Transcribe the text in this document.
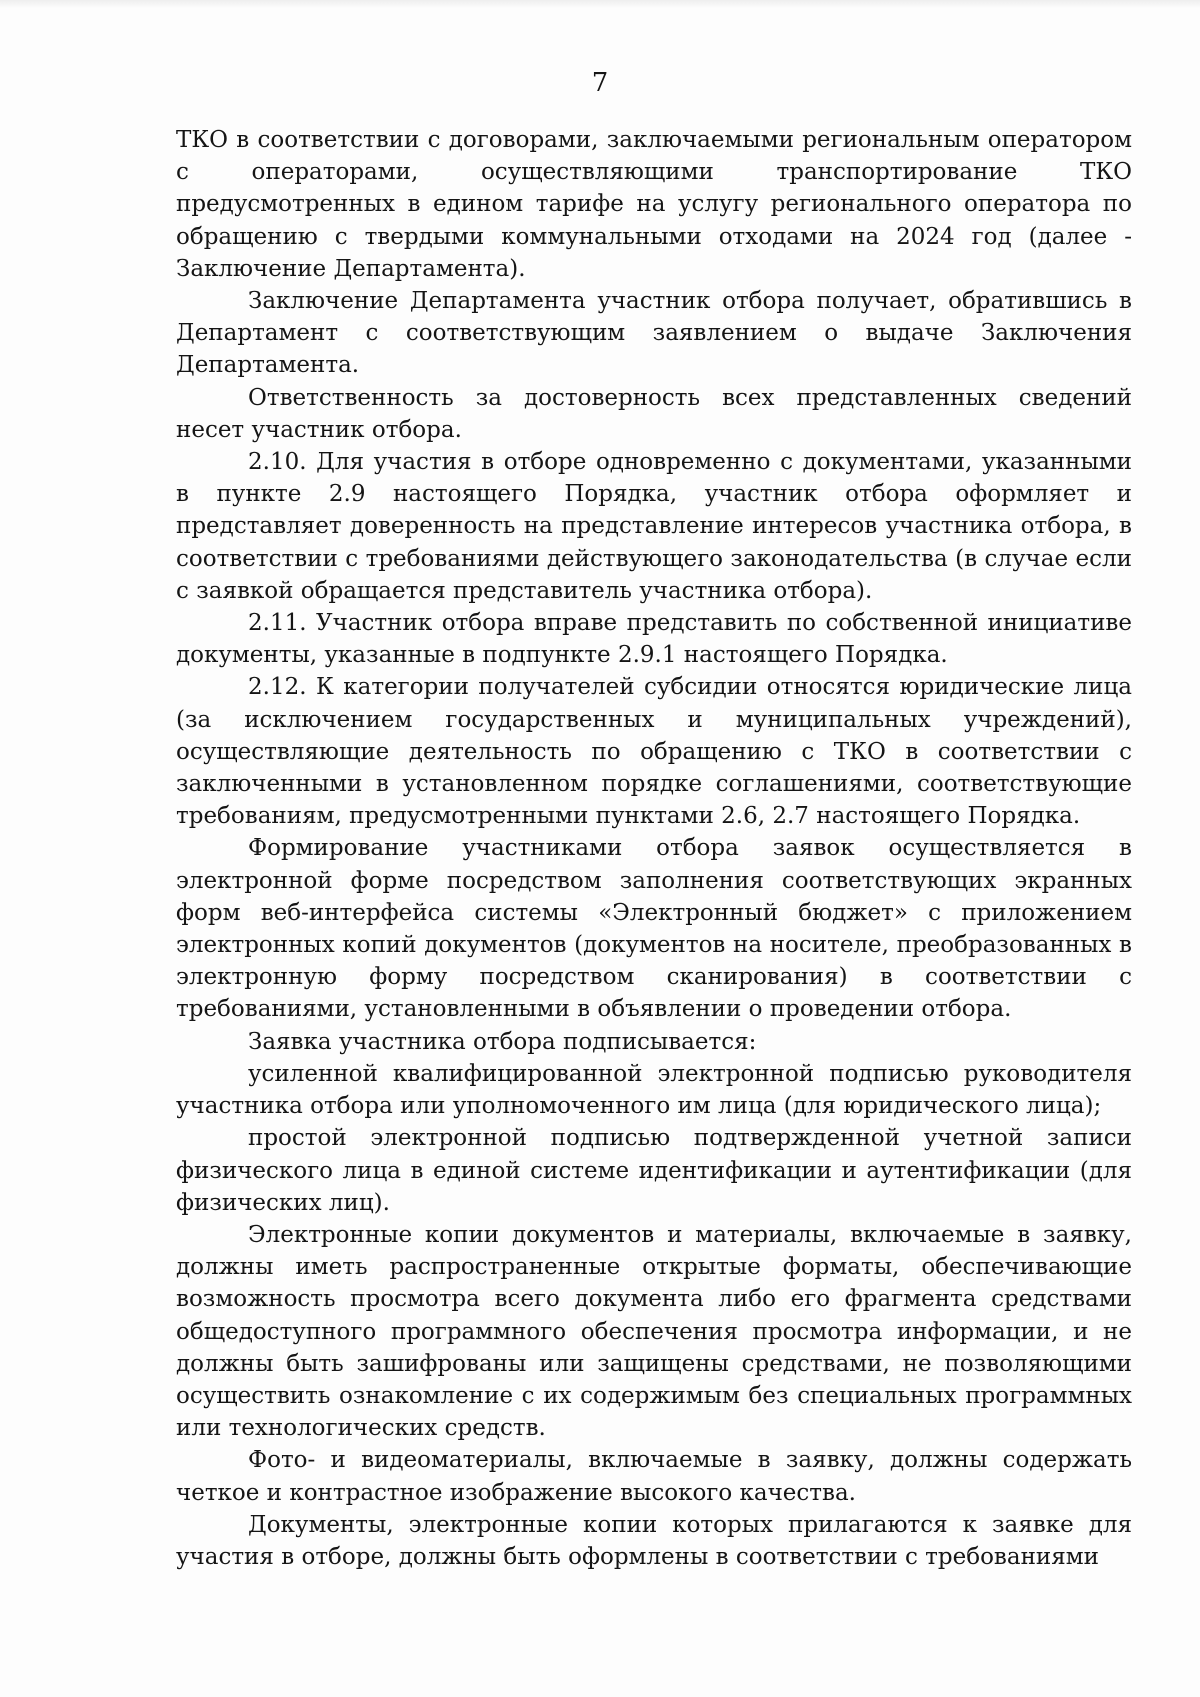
7

ТКО в соответствии с договорами, заключаемыми региональным оператором с операторами, осуществляющими транспортирование ТКО предусмотренных в едином тарифе на услугу регионального оператора по обращению с твердыми коммунальными отходами на 2024 год (далее - Заключение Департамента).

Заключение Департамента участник отбора получает, обратившись в Департамент с соответствующим заявлением о выдаче Заключения Департамента.

Ответственность за достоверность всех представленных сведений несет участник отбора.

2.10. Для участия в отборе одновременно с документами, указанными в пункте 2.9 настоящего Порядка, участник отбора оформляет и представляет доверенность на представление интересов участника отбора, в соответствии с требованиями действующего законодательства (в случае если с заявкой обращается представитель участника отбора).

2.11. Участник отбора вправе представить по собственной инициативе документы, указанные в подпункте 2.9.1 настоящего Порядка.

2.12. К категории получателей субсидии относятся юридические лица (за исключением государственных и муниципальных учреждений), осуществляющие деятельность по обращению с ТКО в соответствии с заключенными в установленном порядке соглашениями, соответствующие требованиям, предусмотренными пунктами 2.6, 2.7 настоящего Порядка.

Формирование участниками отбора заявок осуществляется в электронной форме посредством заполнения соответствующих экранных форм веб-интерфейса системы «Электронный бюджет» с приложением электронных копий документов (документов на носителе, преобразованных в электронную форму посредством сканирования) в соответствии с требованиями, установленными в объявлении о проведении отбора.

Заявка участника отбора подписывается:

усиленной квалифицированной электронной подписью руководителя участника отбора или уполномоченного им лица (для юридического лица);

простой электронной подписью подтвержденной учетной записи физического лица в единой системе идентификации и аутентификации (для физических лиц).

Электронные копии документов и материалы, включаемые в заявку, должны иметь распространенные открытые форматы, обеспечивающие возможность просмотра всего документа либо его фрагмента средствами общедоступного программного обеспечения просмотра информации, и не должны быть зашифрованы или защищены средствами, не позволяющими осуществить ознакомление с их содержимым без специальных программных или технологических средств.

Фото- и видеоматериалы, включаемые в заявку, должны содержать четкое и контрастное изображение высокого качества.

Документы, электронные копии которых прилагаются к заявке для участия в отборе, должны быть оформлены в соответствии с требованиями
